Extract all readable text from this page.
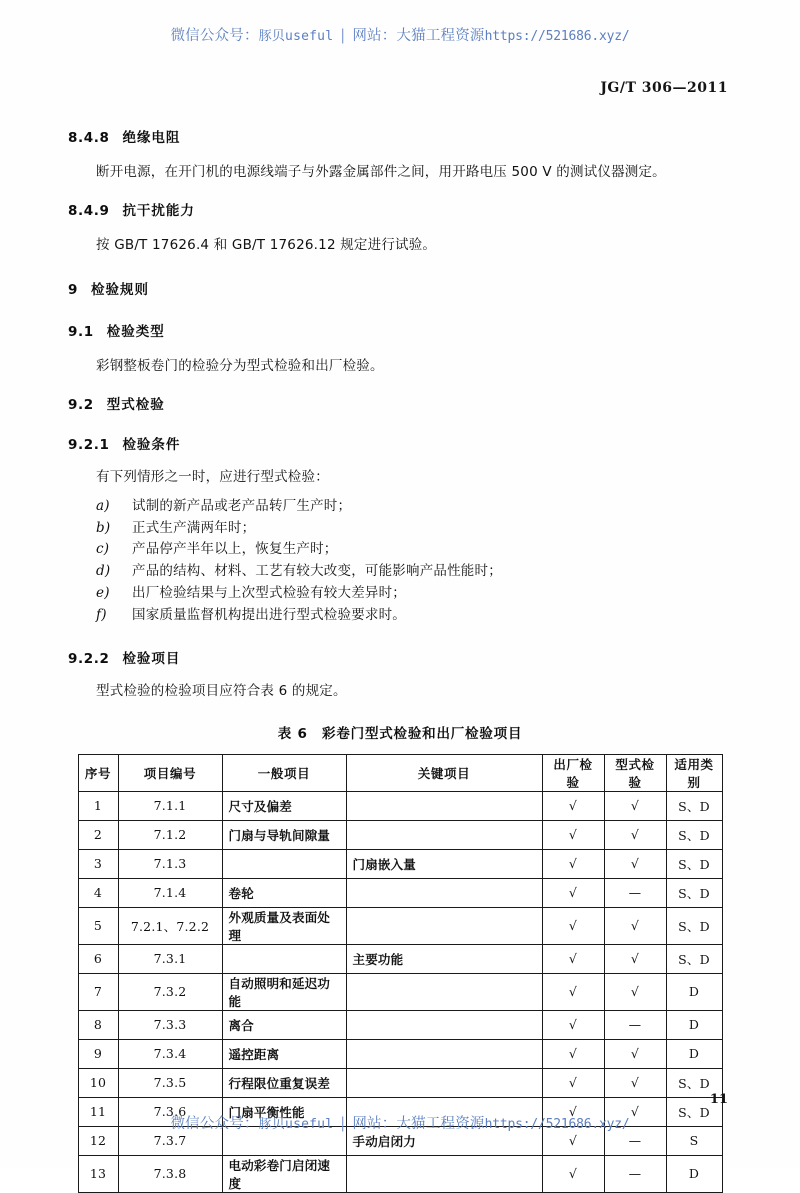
微信公众号：豚贝useful | 网站：大猫工程资源https://521686.xyz/
JG/T 306—2011

8.4.8 绝缘电阻

断开电源，在开门机的电源线端子与外露金属部件之间，用开路电压 500 V 的测试仪器测定。

8.4.9 抗干扰能力

按 GB/T 17626.4 和 GB/T 17626.12 规定进行试验。

9 检验规则

9.1 检验类型

彩钢整板卷门的检验分为型式检验和出厂检验。

9.2 型式检验

9.2.1 检验条件

有下列情形之一时，应进行型式检验：

a) 试制的新产品或老产品转厂生产时；

b) 正式生产满两年时；

c) 产品停产半年以上，恢复生产时；

d) 产品的结构、材料、工艺有较大改变，可能影响产品性能时；

e) 出厂检验结果与上次型式检验有较大差异时；

f) 国家质量监督机构提出进行型式检验要求时。

9.2.2 检验项目

型式检验的检验项目应符合表 6 的规定。

表 6　彩卷门型式检验和出厂检验项目

序号	项目编号	一般项目	关键项目	出厂检验	型式检验	适用类别
1	7.1.1	尺寸及偏差		√	√	S、D
2	7.1.2	门扇与导轨间隙量		√	√	S、D
3	7.1.3		门扇嵌入量	√	√	S、D
4	7.1.4	卷轮		√	—	S、D
5	7.2.1、7.2.2	外观质量及表面处理		√	√	S、D
6	7.3.1		主要功能	√	√	S、D
7	7.3.2	自动照明和延迟功能		√	√	D
8	7.3.3	离合		√	—	D
9	7.3.4	遥控距离		√	√	D
10	7.3.5	行程限位重复误差		√	√	S、D
11	7.3.6	门扇平衡性能		√	√	S、D
12	7.3.7		手动启闭力	√	—	S
13	7.3.8	电动彩卷门启闭速度		√	—	D
11
微信公众号：豚贝useful | 网站：大猫工程资源https://521686.xyz/
